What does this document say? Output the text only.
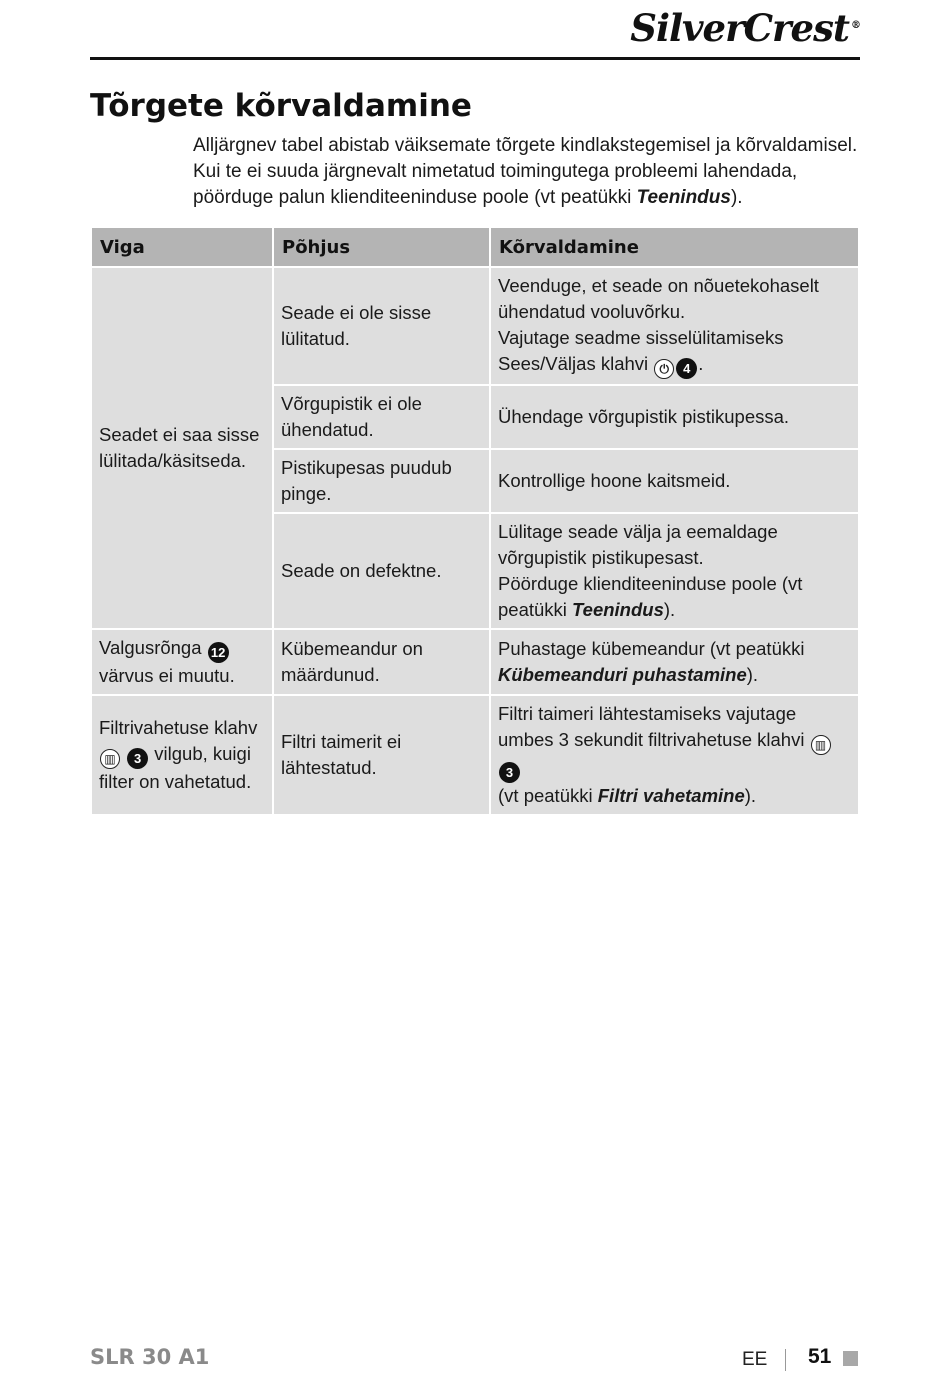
SilverCrest ®
Tõrgete kõrvaldamine

Alljärgnev tabel abistab väiksemate tõrgete kindlakstegemisel ja kõrvaldamisel.

Kui te ei suuda järgnevalt nimetatud toimingutega probleemi lahendada, pöörduge palun klienditeeninduse poole (vt peatükki Teenindus).

Viga	Põhjus	Kõrvaldamine
Seadet ei saa sisse lülitada/käsitseda.	Seade ei ole sisse lülitatud.	Veenduge, et seade on nõuetekohaselt ühendatud vooluvõrku.
Vajutage seadme sisselülitamiseks Sees/Väljas klahvi ⏻ 4 .
	Võrgupistik ei ole ühendatud.	Ühendage võrgupistik pistikupessa.
	Pistikupesas puudub pinge.	Kontrollige hoone kaitsmeid.
	Seade on defektne.	Lülitage seade välja ja eemaldage võrgupistik pistikupesast.
Pöörduge klienditeeninduse poole (vt peatükki Teenindus).
Valgusrõnga 12
värvus ei muutu.	Kübemeandur on määrdunud.	Puhastage kübemeandur (vt peatükki Kübemeanduri puhastamine).
Filtrivahetuse klahv
▥ 3 vilgub, kuigi filter on vahetatud.	Filtri taimerit ei lähtestatud.	Filtri taimeri lähtestamiseks vajutage umbes 3 sekundit filtrivahetuse klahvi ▥ 3
(vt peatükki Filtri vahetamine).
SLR 30 A1	EE 51
